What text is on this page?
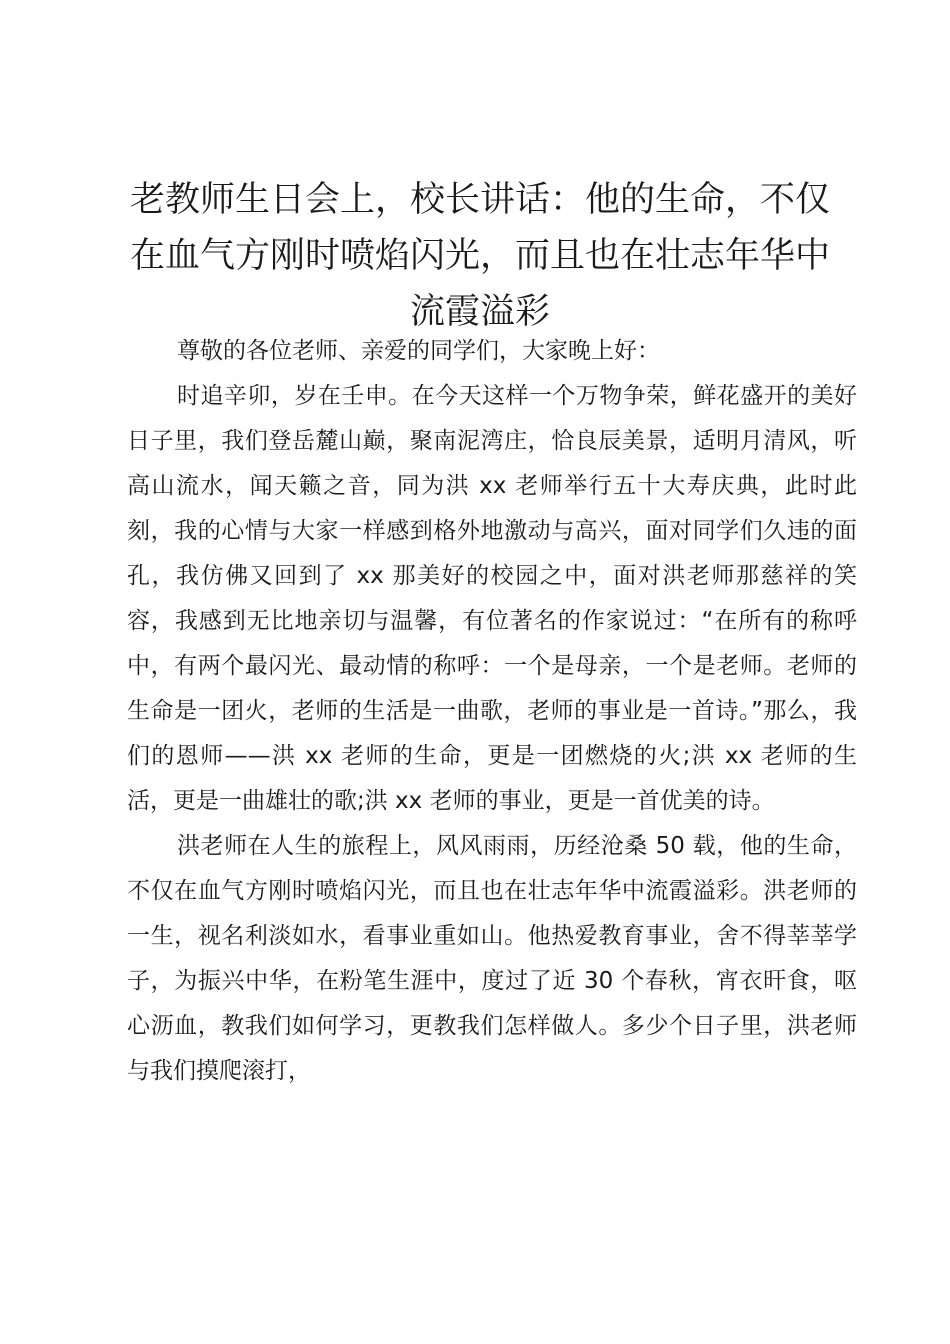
老教师生日会上，校长讲话：他的生命，不仅在血气方刚时喷焰闪光，而且也在壮志年华中流霞溢彩

尊敬的各位老师、亲爱的同学们，大家晚上好：

时追辛卯，岁在壬申。在今天这样一个万物争荣，鲜花盛开的美好日子里，我们登岳麓山巅，聚南泥湾庄，恰良辰美景，适明月清风，听高山流水，闻天籁之音，同为洪 xx 老师举行五十大寿庆典，此时此刻，我的心情与大家一样感到格外地激动与高兴，面对同学们久违的面孔，我仿佛又回到了 xx 那美好的校园之中，面对洪老师那慈祥的笑容，我感到无比地亲切与温馨，有位著名的作家说过：“在所有的称呼中，有两个最闪光、最动情的称呼：一个是母亲，一个是老师。老师的生命是一团火，老师的生活是一曲歌，老师的事业是一首诗。”那么，我们的恩师——洪 xx 老师的生命，更是一团燃烧的火;洪 xx 老师的生活，更是一曲雄壮的歌;洪 xx 老师的事业，更是一首优美的诗。

洪老师在人生的旅程上，风风雨雨，历经沧桑 50 载，他的生命，不仅在血气方刚时喷焰闪光，而且也在壮志年华中流霞溢彩。洪老师的一生，视名利淡如水，看事业重如山。他热爱教育事业，舍不得莘莘学子，为振兴中华，在粉笔生涯中，度过了近 30 个春秋，宵衣旰食，呕心沥血，教我们如何学习，更教我们怎样做人。多少个日子里，洪老师与我们摸爬滚打，
